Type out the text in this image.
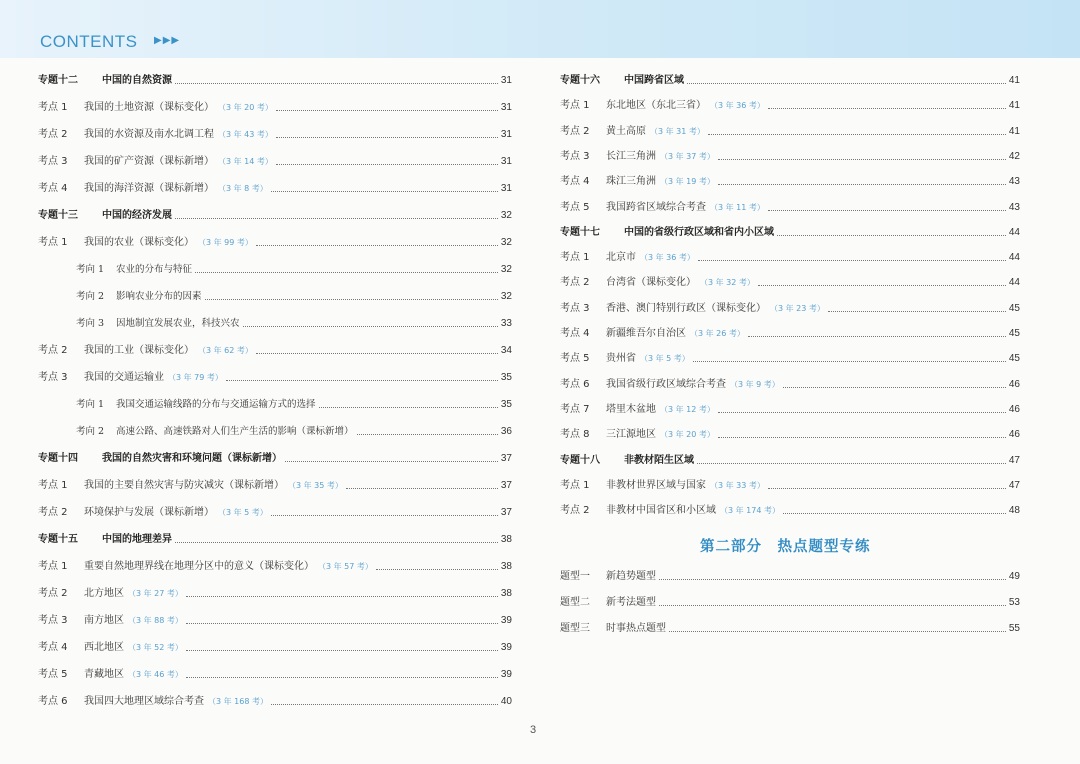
CONTENTS ▶▶▶
专题十二	中国的自然资源	31
考点 1	我国的土地资源（课标变化） （3 年 20 考）	31
考点 2	我国的水资源及南水北调工程 （3 年 43 考）	31
考点 3	我国的矿产资源（课标新增） （3 年 14 考）	31
考点 4	我国的海洋资源（课标新增） （3 年 8 考）	31
专题十三	中国的经济发展	32
考点 1	我国的农业（课标变化） （3 年 99 考）	32
考向 1	农业的分布与特征	32
考向 2	影响农业分布的因素	32
考向 3	因地制宜发展农业，科技兴农	33
考点 2	我国的工业（课标变化） （3 年 62 考）	34
考点 3	我国的交通运输业 （3 年 79 考）	35
考向 1	我国交通运输线路的分布与交通运输方式的选择	35
考向 2	高速公路、高速铁路对人们生产生活的影响（课标新增）	36
专题十四	我国的自然灾害和环境问题（课标新增）	37
考点 1	我国的主要自然灾害与防灾减灾（课标新增） （3 年 35 考）	37
考点 2	环境保护与发展（课标新增） （3 年 5 考）	37
专题十五	中国的地理差异	38
考点 1	重要自然地理界线在地理分区中的意义（课标变化） （3 年 57 考）	38
考点 2	北方地区 （3 年 27 考）	38
考点 3	南方地区 （3 年 88 考）	39
考点 4	西北地区 （3 年 52 考）	39
考点 5	青藏地区 （3 年 46 考）	39
考点 6	我国四大地理区域综合考查 （3 年 168 考）	40
第二部分　热点题型专练
专题十六	中国跨省区域	41
考点 1	东北地区（东北三省） （3 年 36 考）	41
考点 2	黄土高原 （3 年 31 考）	41
考点 3	长江三角洲 （3 年 37 考）	42
考点 4	珠江三角洲 （3 年 19 考）	43
考点 5	我国跨省区域综合考查 （3 年 11 考）	43
专题十七	中国的省级行政区域和省内小区域	44
考点 1	北京市 （3 年 36 考）	44
考点 2	台湾省（课标变化） （3 年 32 考）	44
考点 3	香港、澳门特别行政区（课标变化） （3 年 23 考）	45
考点 4	新疆维吾尔自治区 （3 年 26 考）	45
考点 5	贵州省 （3 年 5 考）	45
考点 6	我国省级行政区域综合考查 （3 年 9 考）	46
考点 7	塔里木盆地 （3 年 12 考）	46
考点 8	三江源地区 （3 年 20 考）	46
专题十八	非教材陌生区域	47
考点 1	非教材世界区域与国家 （3 年 33 考）	47
考点 2	非教材中国省区和小区域 （3 年 174 考）	48
题型一	新趋势题型	49
题型二	新考法题型	53
题型三	时事热点题型	55
3
